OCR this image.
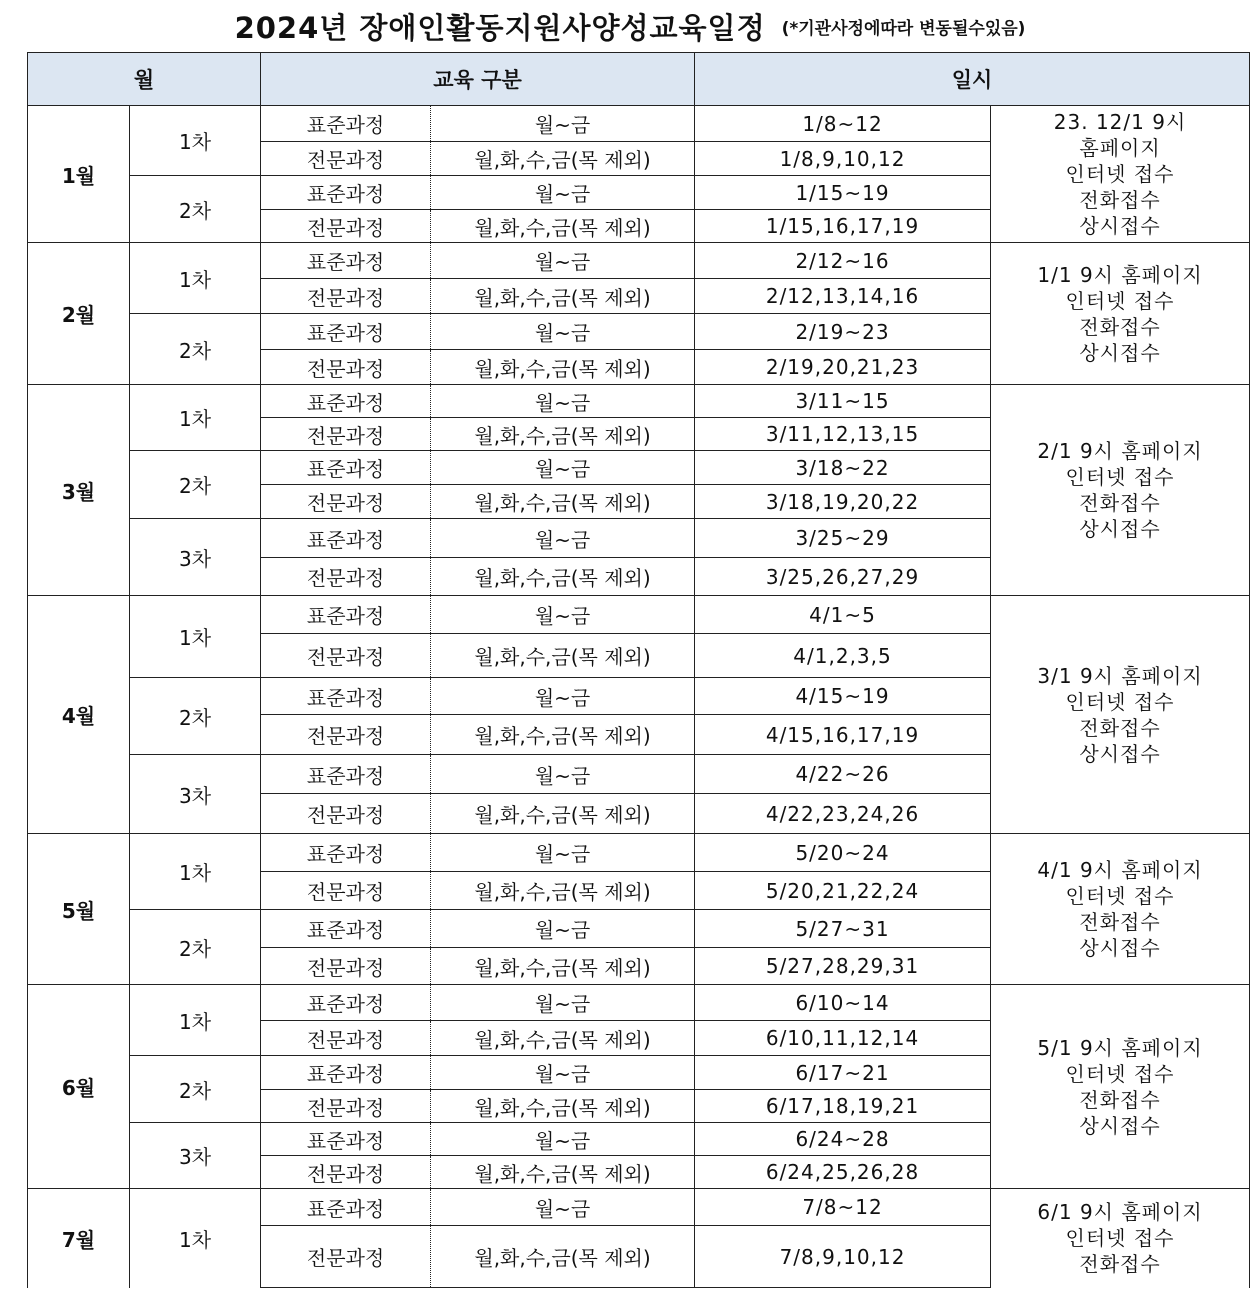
2024년 장애인활동지원사양성교육일정 (*기관사정에따라 변동될수있음)
월		교육 구분		일시	
1월	1차	표준과정	월~금	1/8~12	23. 12/1 9시
홈페이지
인터넷 접수
전화접수
상시접수

		전문과정	월,화,수,금(목 제외)	1/8,9,10,12	
	2차	표준과정	월~금	1/15~19	
		전문과정	월,화,수,금(목 제외)	1/15,16,17,19	
2월	1차	표준과정	월~금	2/12~16	1/1 9시 홈페이지
인터넷 접수
전화접수
상시접수

		전문과정	월,화,수,금(목 제외)	2/12,13,14,16	
	2차	표준과정	월~금	2/19~23	
		전문과정	월,화,수,금(목 제외)	2/19,20,21,23	
3월	1차	표준과정	월~금	3/11~15	2/1 9시 홈페이지
인터넷 접수
전화접수
상시접수

		전문과정	월,화,수,금(목 제외)	3/11,12,13,15	
	2차	표준과정	월~금	3/18~22	
		전문과정	월,화,수,금(목 제외)	3/18,19,20,22	
	3차	표준과정	월~금	3/25~29	
		전문과정	월,화,수,금(목 제외)	3/25,26,27,29	
4월	1차	표준과정	월~금	4/1~5	3/1 9시 홈페이지
인터넷 접수
전화접수
상시접수

		전문과정	월,화,수,금(목 제외)	4/1,2,3,5	
	2차	표준과정	월~금	4/15~19	
		전문과정	월,화,수,금(목 제외)	4/15,16,17,19	
	3차	표준과정	월~금	4/22~26	
		전문과정	월,화,수,금(목 제외)	4/22,23,24,26	
5월	1차	표준과정	월~금	5/20~24	4/1 9시 홈페이지
인터넷 접수
전화접수
상시접수

		전문과정	월,화,수,금(목 제외)	5/20,21,22,24	
	2차	표준과정	월~금	5/27~31	
		전문과정	월,화,수,금(목 제외)	5/27,28,29,31	
6월	1차	표준과정	월~금	6/10~14	5/1 9시 홈페이지
인터넷 접수
전화접수
상시접수

		전문과정	월,화,수,금(목 제외)	6/10,11,12,14	
	2차	표준과정	월~금	6/17~21	
		전문과정	월,화,수,금(목 제외)	6/17,18,19,21	
	3차	표준과정	월~금	6/24~28	
		전문과정	월,화,수,금(목 제외)	6/24,25,26,28	
7월	1차	표준과정	월~금	7/8~12	6/1 9시 홈페이지
인터넷 접수
전화접수

		전문과정	월,화,수,금(목 제외)	7/8,9,10,12	
